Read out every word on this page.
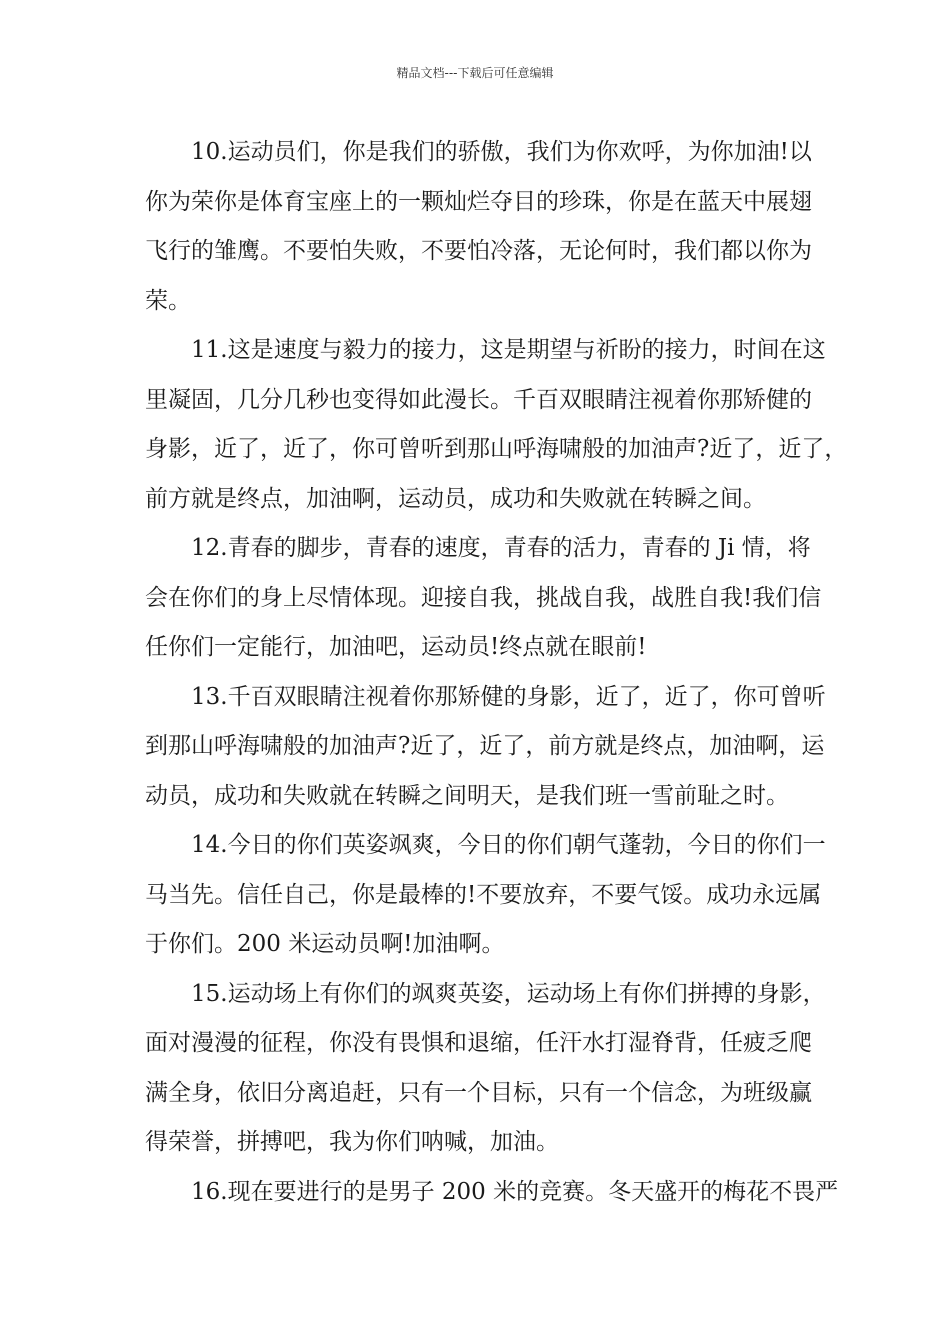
精品文档---下载后可任意编辑
10.运动员们，你是我们的骄傲，我们为你欢呼，为你加油!以
你为荣你是体育宝座上的一颗灿烂夺目的珍珠，你是在蓝天中展翅
飞行的雏鹰。不要怕失败，不要怕冷落，无论何时，我们都以你为
荣。
11.这是速度与毅力的接力，这是期望与祈盼的接力，时间在这
里凝固，几分几秒也变得如此漫长。千百双眼睛注视着你那矫健的
身影，近了，近了，你可曾听到那山呼海啸般的加油声?近了，近了，
前方就是终点，加油啊，运动员，成功和失败就在转瞬之间。
12.青春的脚步，青春的速度，青春的活力，青春的 Ji 情，将
会在你们的身上尽情体现。迎接自我，挑战自我，战胜自我!我们信
任你们一定能行，加油吧，运动员!终点就在眼前!
13.千百双眼睛注视着你那矫健的身影，近了，近了，你可曾听
到那山呼海啸般的加油声?近了，近了，前方就是终点，加油啊，运
动员，成功和失败就在转瞬之间明天，是我们班一雪前耻之时。
14.今日的你们英姿飒爽，今日的你们朝气蓬勃，今日的你们一
马当先。信任自己，你是最棒的!不要放弃，不要气馁。成功永远属
于你们。200 米运动员啊!加油啊。
15.运动场上有你们的飒爽英姿，运动场上有你们拼搏的身影，
面对漫漫的征程，你没有畏惧和退缩，任汗水打湿脊背，任疲乏爬
满全身，依旧分离追赶，只有一个目标，只有一个信念，为班级赢
得荣誉，拼搏吧，我为你们呐喊，加油。
16.现在要进行的是男子 200 米的竞赛。冬天盛开的梅花不畏严
